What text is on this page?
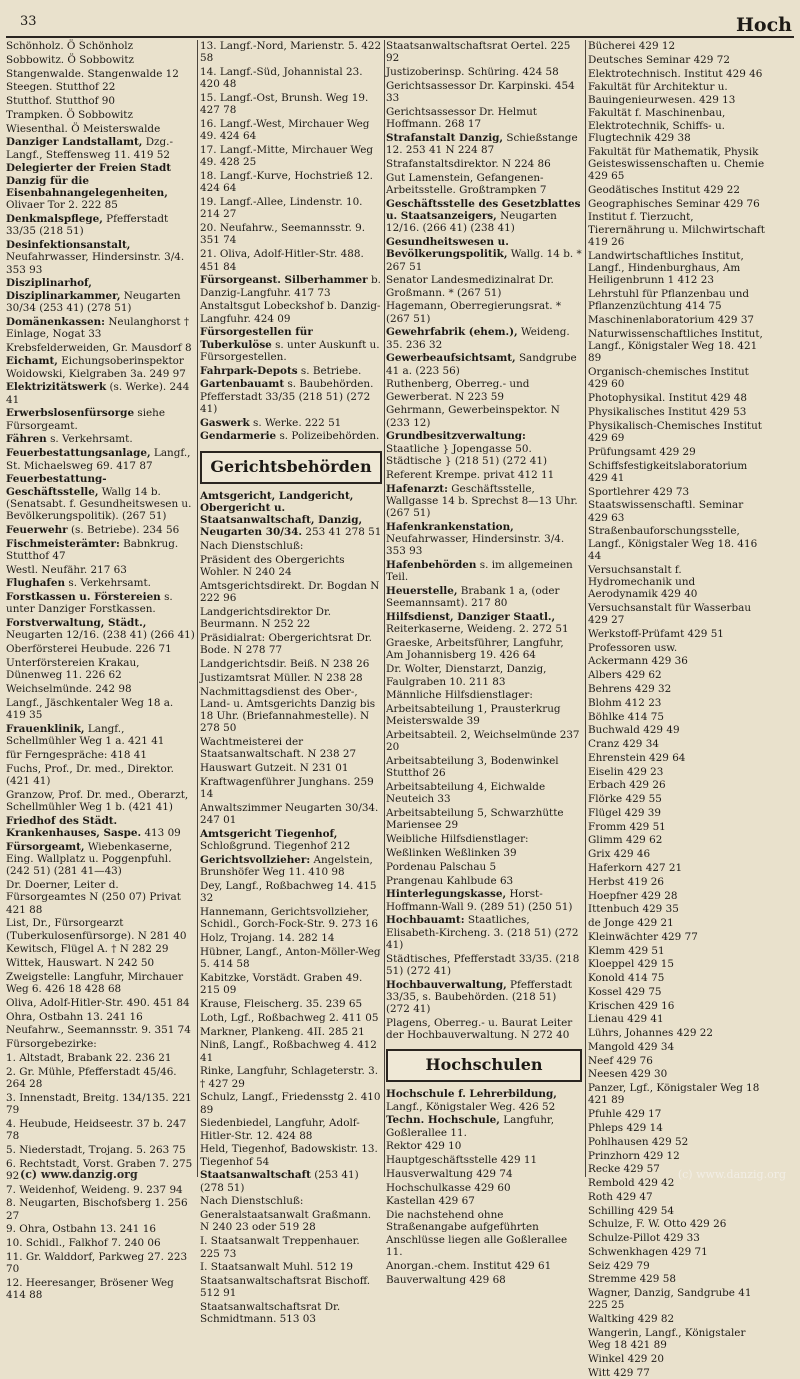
33	Hoch
Schönholz. Ö Schönholz
Sobbowitz. Ö Sobbowitz
Stangenwalde. Stangenwalde 12
Steegen. Stutthof 22
Stutthof. Stutthof 90
Trampken. Ö Sobbowitz
Wiesenthal. Ö Meisterswalde
Danziger Landstallamt, Dzg.-Langf., Steffensweg 11. 419 52
Delegierter der Freien Stadt Danzig für die Eisenbahnangelegenheiten, Olivaer Tor 2. 222 85
Denkmalspflege, Pfefferstadt 33/35 (218 51)
Desinfektionsanstalt, Neufahrwasser, Hindersinstr. 3/4. 353 93
Disziplinarhof, Disziplinarkammer, Neugarten 30/34 (253 41) (278 51)
Domänenkassen: Neulanghorst † Einlage, Nogat 33
Krebsfelderweiden, Gr. Mausdorf 8
Eichamt, Eichungsoberinspektor Woidowski, Kielgraben 3a. 249 97
Elektrizitätswerk (s. Werke). 244 41
Erwerbslosenfürsorge siehe Fürsorgeamt.
Fähren s. Verkehrsamt.
Feuerbestattungsanlage, Langf., St. Michaelsweg 69. 417 87
Feuerbestattung-Geschäftsstelle, Wallg 14 b. (Senatsabt. f. Gesundheitswesen u. Bevölkerungspolitik). (267 51)
Feuerwehr (s. Betriebe). 234 56
Fischmeisterämter: Babnkrug. Stutthof 47
Westl. Neufähr. 217 63
Flughafen s. Verkehrsamt.
Forstkassen u. Förstereien s. unter Danziger Forstkassen.
Forstverwaltung, Städt., Neugarten 12/16. (238 41) (266 41)
Oberförsterei Heubude. 226 71
Unterförstereien Krakau, Dünenweg 11. 226 62
Weichselmünde. 242 98
Langf., Jäschkentaler Weg 18 a. 419 35
Frauenklinik, Langf., Schellmühler Weg 1 a. 421 41
für Ferngespräche: 418 41
Fuchs, Prof., Dr. med., Direktor. (421 41)
Granzow, Prof. Dr. med., Oberarzt, Schellmühler Weg 1 b. (421 41)
Friedhof des Städt. Krankenhauses, Saspe. 413 09
Fürsorgeamt, Wiebenkaserne, Eing. Wallplatz u. Poggenpfuhl. (242 51) (281 41—43)
Dr. Doerner, Leiter d. Fürsorgeamtes N (250 07) Privat 421 88
List, Dr., Fürsorgearzt (Tuberkulosenfürsorge). N 281 40
Kewitsch, Flügel A. † N 282 29
Wittek, Hauswart. N 242 50
Zweigstelle: Langfuhr, Mirchauer Weg 6. 426 18 428 68
Oliva, Adolf-Hitler-Str. 490. 451 84
Ohra, Ostbahn 13. 241 16
Neufahrw., Seemannsstr. 9. 351 74
Fürsorgebezirke:
1. Altstadt, Brabank 22. 236 21
2. Gr. Mühle, Pfefferstadt 45/46. 264 28
3. Innenstadt, Breitg. 134/135. 221 79
4. Heubude, Heidseestr. 37 b. 247 78
5. Niederstadt, Trojang. 5. 263 75
6. Rechtstadt, Vorst. Graben 7. 275 92
7. Weidenhof, Weideng. 9. 237 94
8. Neugarten, Bischofsberg 1. 256 27
9. Ohra, Ostbahn 13. 241 16
10. Schidl., Falkhof 7. 240 06
11. Gr. Walddorf, Parkweg 27. 223 70
12. Heeresanger, Brösener Weg 414 88
13. Langf.-Nord, Marienstr. 5. 422 58
14. Langf.-Süd, Johannistal 23. 420 48
15. Langf.-Ost, Brunsh. Weg 19. 427 78
16. Langf.-West, Mirchauer Weg 49. 424 64
17. Langf.-Mitte, Mirchauer Weg 49. 428 25
18. Langf.-Kurve, Hochstrieß 12. 424 64
19. Langf.-Allee, Lindenstr. 10. 214 27
20. Neufahrw., Seemannsstr. 9. 351 74
21. Oliva, Adolf-Hitler-Str. 488. 451 84
Fürsorgeanst. Silberhammer b. Danzig-Langfuhr. 417 73
Anstaltsgut Lobeckshof b. Danzig-Langfuhr. 424 09
Fürsorgestellen für Tuberkulöse s. unter Auskunft u. Fürsorgestellen.
Fahrpark-Depots s. Betriebe.
Gartenbauamt s. Baubehörden. Pfefferstadt 33/35 (218 51) (272 41)
Gaswerk s. Werke. 222 51
Gendarmerie s. Polizeibehörden.
Gerichtsbehörden
Amtsgericht, Landgericht, Obergericht u. Staatsanwaltschaft, Danzig, Neugarten 30/34. 253 41 278 51
Nach Dienstschluß:
Präsident des Obergerichts Wohler. N 240 24
Amtsgerichtsdirekt. Dr. Bogdan N 222 96
Landgerichtsdirektor Dr. Beurmann. N 252 22
Präsidialrat: Obergerichtsrat Dr. Bode. N 278 77
Landgerichtsdir. Beiß. N 238 26
Justizamtsrat Müller. N 238 28
Nachmittagsdienst des Ober-, Land- u. Amtsgerichts Danzig bis 18 Uhr. (Briefannahmestelle). N 278 50
Wachtmeisterei der Staatsanwaltschaft. N 238 27
Hauswart Gutzeit. N 231 01
Kraftwagenführer Junghans. 259 14
Anwaltszimmer Neugarten 30/34. 247 01
Amtsgericht Tiegenhof, Schloßgrund. Tiegenhof 212
Gerichtsvollzieher: Angelstein, Brunshöfer Weg 11. 410 98
Dey, Langf., Roßbachweg 14. 415 32
Hannemann, Gerichtsvollzieher, Schidl., Gorch-Fock-Str. 9. 273 16
Holz, Trojang. 14. 282 14
Hübner, Langf., Anton-Möller-Weg 5. 414 58
Kabitzke, Vorstädt. Graben 49. 215 09
Krause, Fleischerg. 35. 239 65
Loth, Lgf., Roßbachweg 2. 411 05
Markner, Plankeng. 4II. 285 21
Ninß, Langf., Roßbachweg 4. 412 41
Rinke, Langfuhr, Schlageterstr. 3. † 427 29
Schulz, Langf., Friedensstg 2. 410 89
Siedenbiedel, Langfuhr, Adolf-Hitler-Str. 12. 424 88
Held, Tiegenhof, Badowskistr. 13. Tiegenhof 54
Staatsanwaltschaft (253 41) (278 51)
Nach Dienstschluß:
Generalstaatsanwalt Graßmann. N 240 23 oder 519 28
I. Staatsanwalt Treppenhauer. 225 73
I. Staatsanwalt Muhl. 512 19
Staatsanwaltschaftsrat Bischoff. 512 91
Staatsanwaltschaftsrat Dr. Schmidtmann. 513 03
Staatsanwaltschaftsrat Oertel. 225 92
Justizoberinsp. Schüring. 424 58
Gerichtsassessor Dr. Karpinski. 454 33
Gerichtsassessor Dr. Helmut Hoffmann. 268 17
Strafanstalt Danzig, Schießstange 12. 253 41 N 224 87
Strafanstaltsdirektor. N 224 86
Gut Lamenstein, Gefangenen-Arbeitsstelle. Großtrampken 7
Geschäftsstelle des Gesetzblattes u. Staatsanzeigers, Neugarten 12/16. (266 41) (238 41)
Gesundheitswesen u. Bevölkerungspolitik, Wallg. 14 b. * 267 51
Senator Landesmedizinalrat Dr. Großmann. * (267 51)
Hagemann, Oberregierungsrat. * (267 51)
Gewehrfabrik (ehem.), Weideng. 35. 236 32
Gewerbeaufsichtsamt, Sandgrube 41 a. (223 56)
Ruthenberg, Oberreg.- und Gewerberat. N 223 59
Gehrmann, Gewerbeinspektor. N (233 12)
Grundbesitzverwaltung: Staatliche } Jopengasse 50. Städtische } (218 51) (272 41)
Referent Krempe. privat 412 11
Hafenarzt: Geschäftsstelle, Wallgasse 14 b. Sprechst 8—13 Uhr. (267 51)
Hafenkrankenstation, Neufahrwasser, Hindersinstr. 3/4. 353 93
Hafenbehörden s. im allgemeinen Teil.
Heuerstelle, Brabank 1 a, (oder Seemannsamt). 217 80
Hilfsdienst, Danziger Staatl., Reiterkaserne, Weideng. 2. 272 51
Graeske, Arbeitsführer, Langfuhr, Am Johannisberg 19. 426 64
Dr. Wolter, Dienstarzt, Danzig, Faulgraben 10. 211 83
Männliche Hilfsdienstlager:
Arbeitsabteilung 1, Prausterkrug Meisterswalde 39
Arbeitsabteil. 2, Weichselmünde 237 20
Arbeitsabteilung 3, Bodenwinkel Stutthof 26
Arbeitsabteilung 4, Eichwalde Neuteich 33
Arbeitsabteilung 5, Schwarzhütte Mariensee 29
Weibliche Hilfsdienstlager:
Weßlinken Weßlinken 39
Pordenau Palschau 5
Prangenau Kahlbude 63
Hinterlegungskasse, Horst-Hoffmann-Wall 9. (289 51) (250 51)
Hochbauamt: Staatliches, Elisabeth-Kircheng. 3. (218 51) (272 41)
Städtisches, Pfefferstadt 33/35. (218 51) (272 41)
Hochbauverwaltung, Pfefferstadt 33/35, s. Baubehörden. (218 51) (272 41)
Plagens, Oberreg.- u. Baurat Leiter der Hochbauverwaltung. N 272 40
Hochschulen
Hochschule f. Lehrerbildung, Langf., Königstaler Weg. 426 52
Techn. Hochschule, Langfuhr, Goßlerallee 11.
Rektor 429 10
Hauptgeschäftsstelle 429 11
Hausverwaltung 429 74
Hochschulkasse 429 60
Kastellan 429 67
Die nachstehend ohne Straßenangabe aufgeführten Anschlüsse liegen alle Goßlerallee 11.
Anorgan.-chem. Institut 429 61
Bauverwaltung 429 68
Bücherei 429 12
Deutsches Seminar 429 72
Elektrotechnisch. Institut 429 46
Fakultät für Architektur u. Bauingenieurwesen. 429 13
Fakultät f. Maschinenbau, Elektrotechnik, Schiffs- u. Flugtechnik 429 38
Fakultät für Mathematik, Physik Geisteswissenschaften u. Chemie 429 65
Geodätisches Institut 429 22
Geographisches Seminar 429 76
Institut f. Tierzucht, Tierernährung u. Milchwirtschaft 419 26
Landwirtschaftliches Institut, Langf., Hindenburghaus, Am Heiligenbrunn 1 412 23
Lehrstuhl für Pflanzenbau und Pflanzenzüchtung 414 75
Maschinenlaboratorium 429 37
Naturwissenschaftliches Institut, Langf., Königstaler Weg 18. 421 89
Organisch-chemisches Institut 429 60
Photophysikal. Institut 429 48
Physikalisches Institut 429 53
Physikalisch-Chemisches Institut 429 69
Prüfungsamt 429 29
Schiffsfestigkeitslaboratorium 429 41
Sportlehrer 429 73
Staatswissenschaftl. Seminar 429 63
Straßenbauforschungsstelle, Langf., Königstaler Weg 18. 416 44
Versuchsanstalt f. Hydromechanik und Aerodynamik 429 40
Versuchsanstalt für Wasserbau 429 27
Werkstoff-Prüfamt 429 51
Professoren usw.
Ackermann 429 36
Albers 429 62
Behrens 429 32
Blohm 412 23
Böhlke 414 75
Buchwald 429 49
Cranz 429 34
Ehrenstein 429 64
Eiselin 429 23
Erbach 429 26
Flörke 429 55
Flügel 429 39
Fromm 429 51
Glimm 429 62
Grix 429 46
Haferkorn 427 21
Herbst 419 26
Hoepfner 429 28
Ittenbuch 429 35
de Jonge 429 21
Kleinwächter 429 77
Klemm 429 51
Kloeppel 429 15
Konold 414 75
Kossel 429 75
Krischen 429 16
Lienau 429 41
Lührs, Johannes 429 22
Mangold 429 34
Neef 429 76
Neesen 429 30
Panzer, Lgf., Königstaler Weg 18 421 89
Pfuhle 429 17
Phleps 429 14
Pohlhausen 429 52
Prinzhorn 429 12
Recke 429 57
Rembold 429 42
Roth 429 47
Schilling 429 54
Schulze, F. W. Otto 429 26
Schulze-Pillot 429 33
Schwenkhagen 429 71
Seiz 429 79
Stremme 429 58
Wagner, Danzig, Sandgrube 41 225 25
Waltking 429 82
Wangerin, Langf., Königstaler Weg 18 421 89
Winkel 429 20
Witt 429 77
(c) www.danzig.org	(c) www.danzig.org
